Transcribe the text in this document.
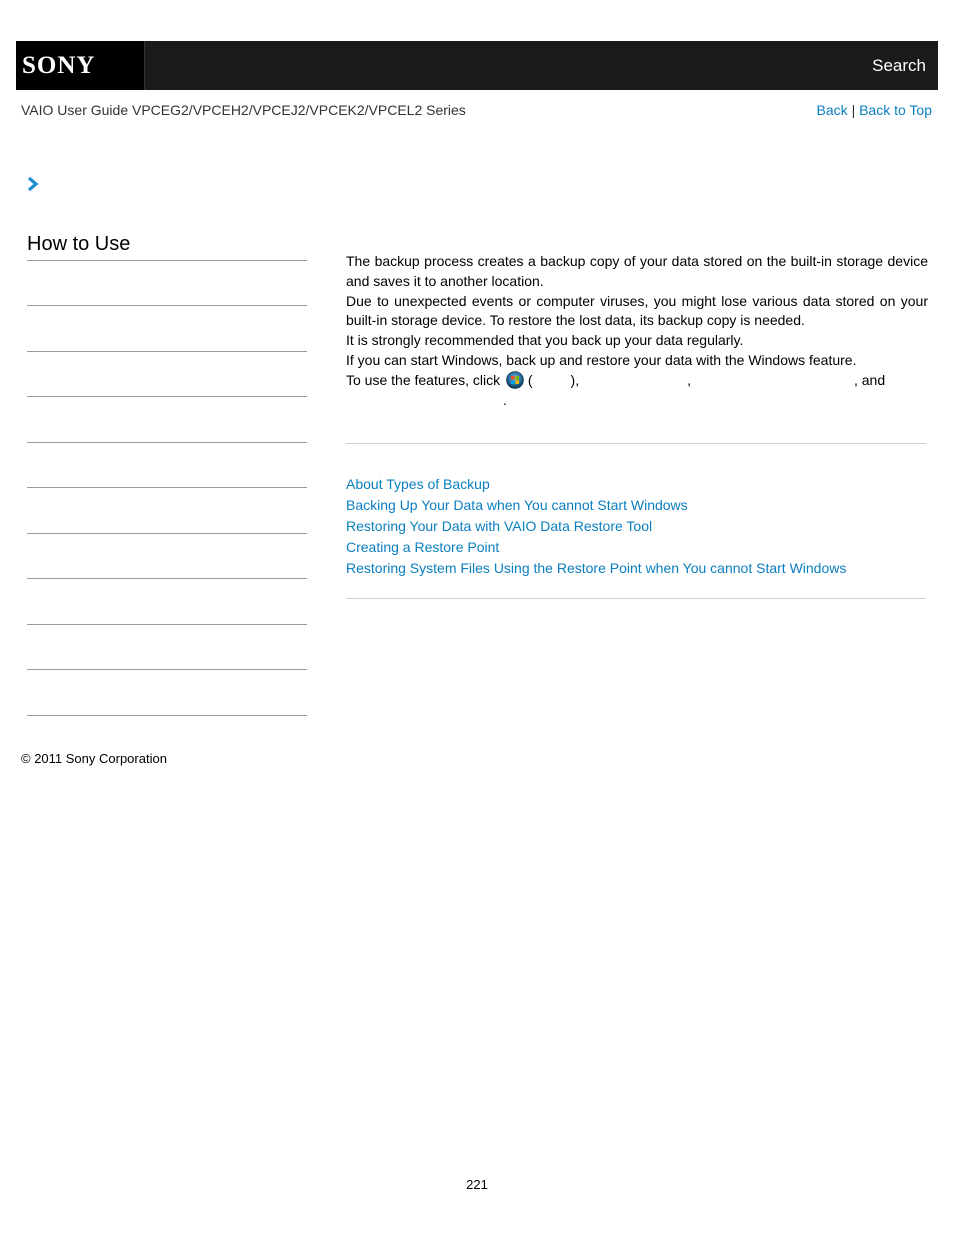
SONY	Search
VAIO User Guide VPCEG2/VPCEH2/VPCEJ2/VPCEK2/VPCEL2 Series	Back | Back to Top
How to Use

The backup process creates a backup copy of your data stored on the built-in storage device and saves it to another location.

Due to unexpected events or computer viruses, you might lose various data stored on your built-in storage device. To restore the lost data, its backup copy is needed.

It is strongly recommended that you back up your data regularly.

If you can start Windows, back up and restore your data with the Windows feature.

To use the features, click (	),	,	, and
.

About Types of Backup
Backing Up Your Data when You cannot Start Windows
Restoring Your Data with VAIO Data Restore Tool
Creating a Restore Point
Restoring System Files Using the Restore Point when You cannot Start Windows
© 2011 Sony Corporation
221
